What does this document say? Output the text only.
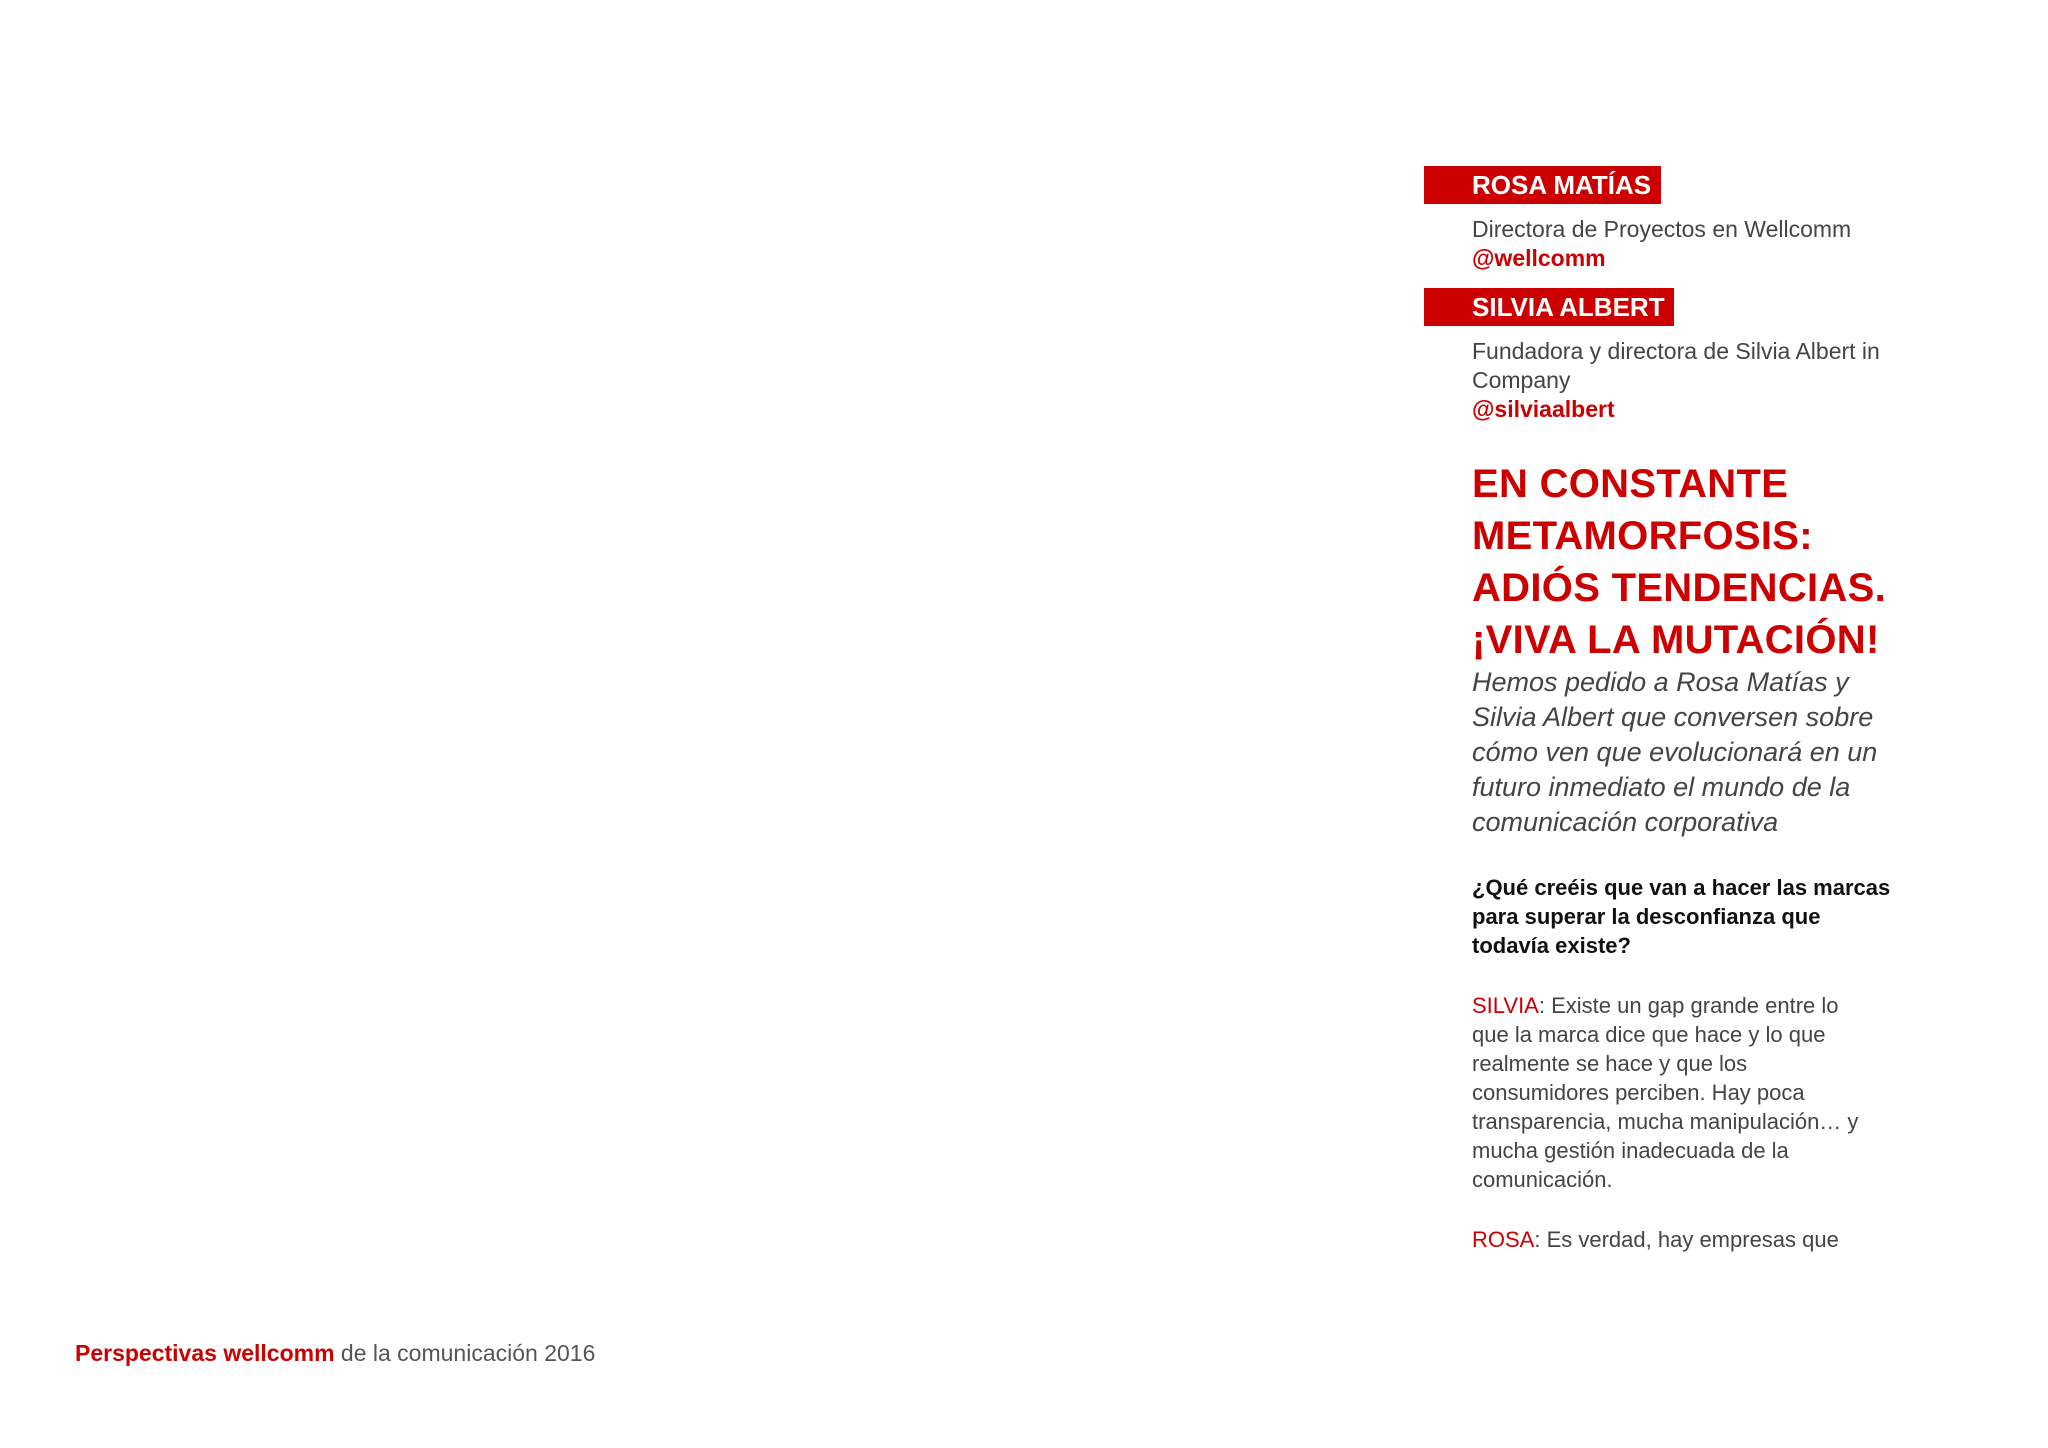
ROSA MATÍAS
Directora de Proyectos en Wellcomm
@wellcomm
SILVIA ALBERT
Fundadora y directora de Silvia Albert in Company
@silviaalbert
EN CONSTANTE
METAMORFOSIS:
ADIÓS TENDENCIAS.
¡VIVA LA MUTACIÓN!

Hemos pedido a Rosa Matías y Silvia Albert que conversen sobre cómo ven que evolucionará en un futuro inmediato el mundo de la comunicación corporativa

¿Qué creéis que van a hacer las marcas para superar la desconfianza que todavía existe?

SILVIA: Existe un gap grande entre lo que la marca dice que hace y lo que realmente se hace y que los consumidores perciben. Hay poca transparencia, mucha manipulación… y mucha gestión inadecuada de la comunicación.

ROSA: Es verdad, hay empresas que

Perspectivas wellcomm de la comunicación 2016
